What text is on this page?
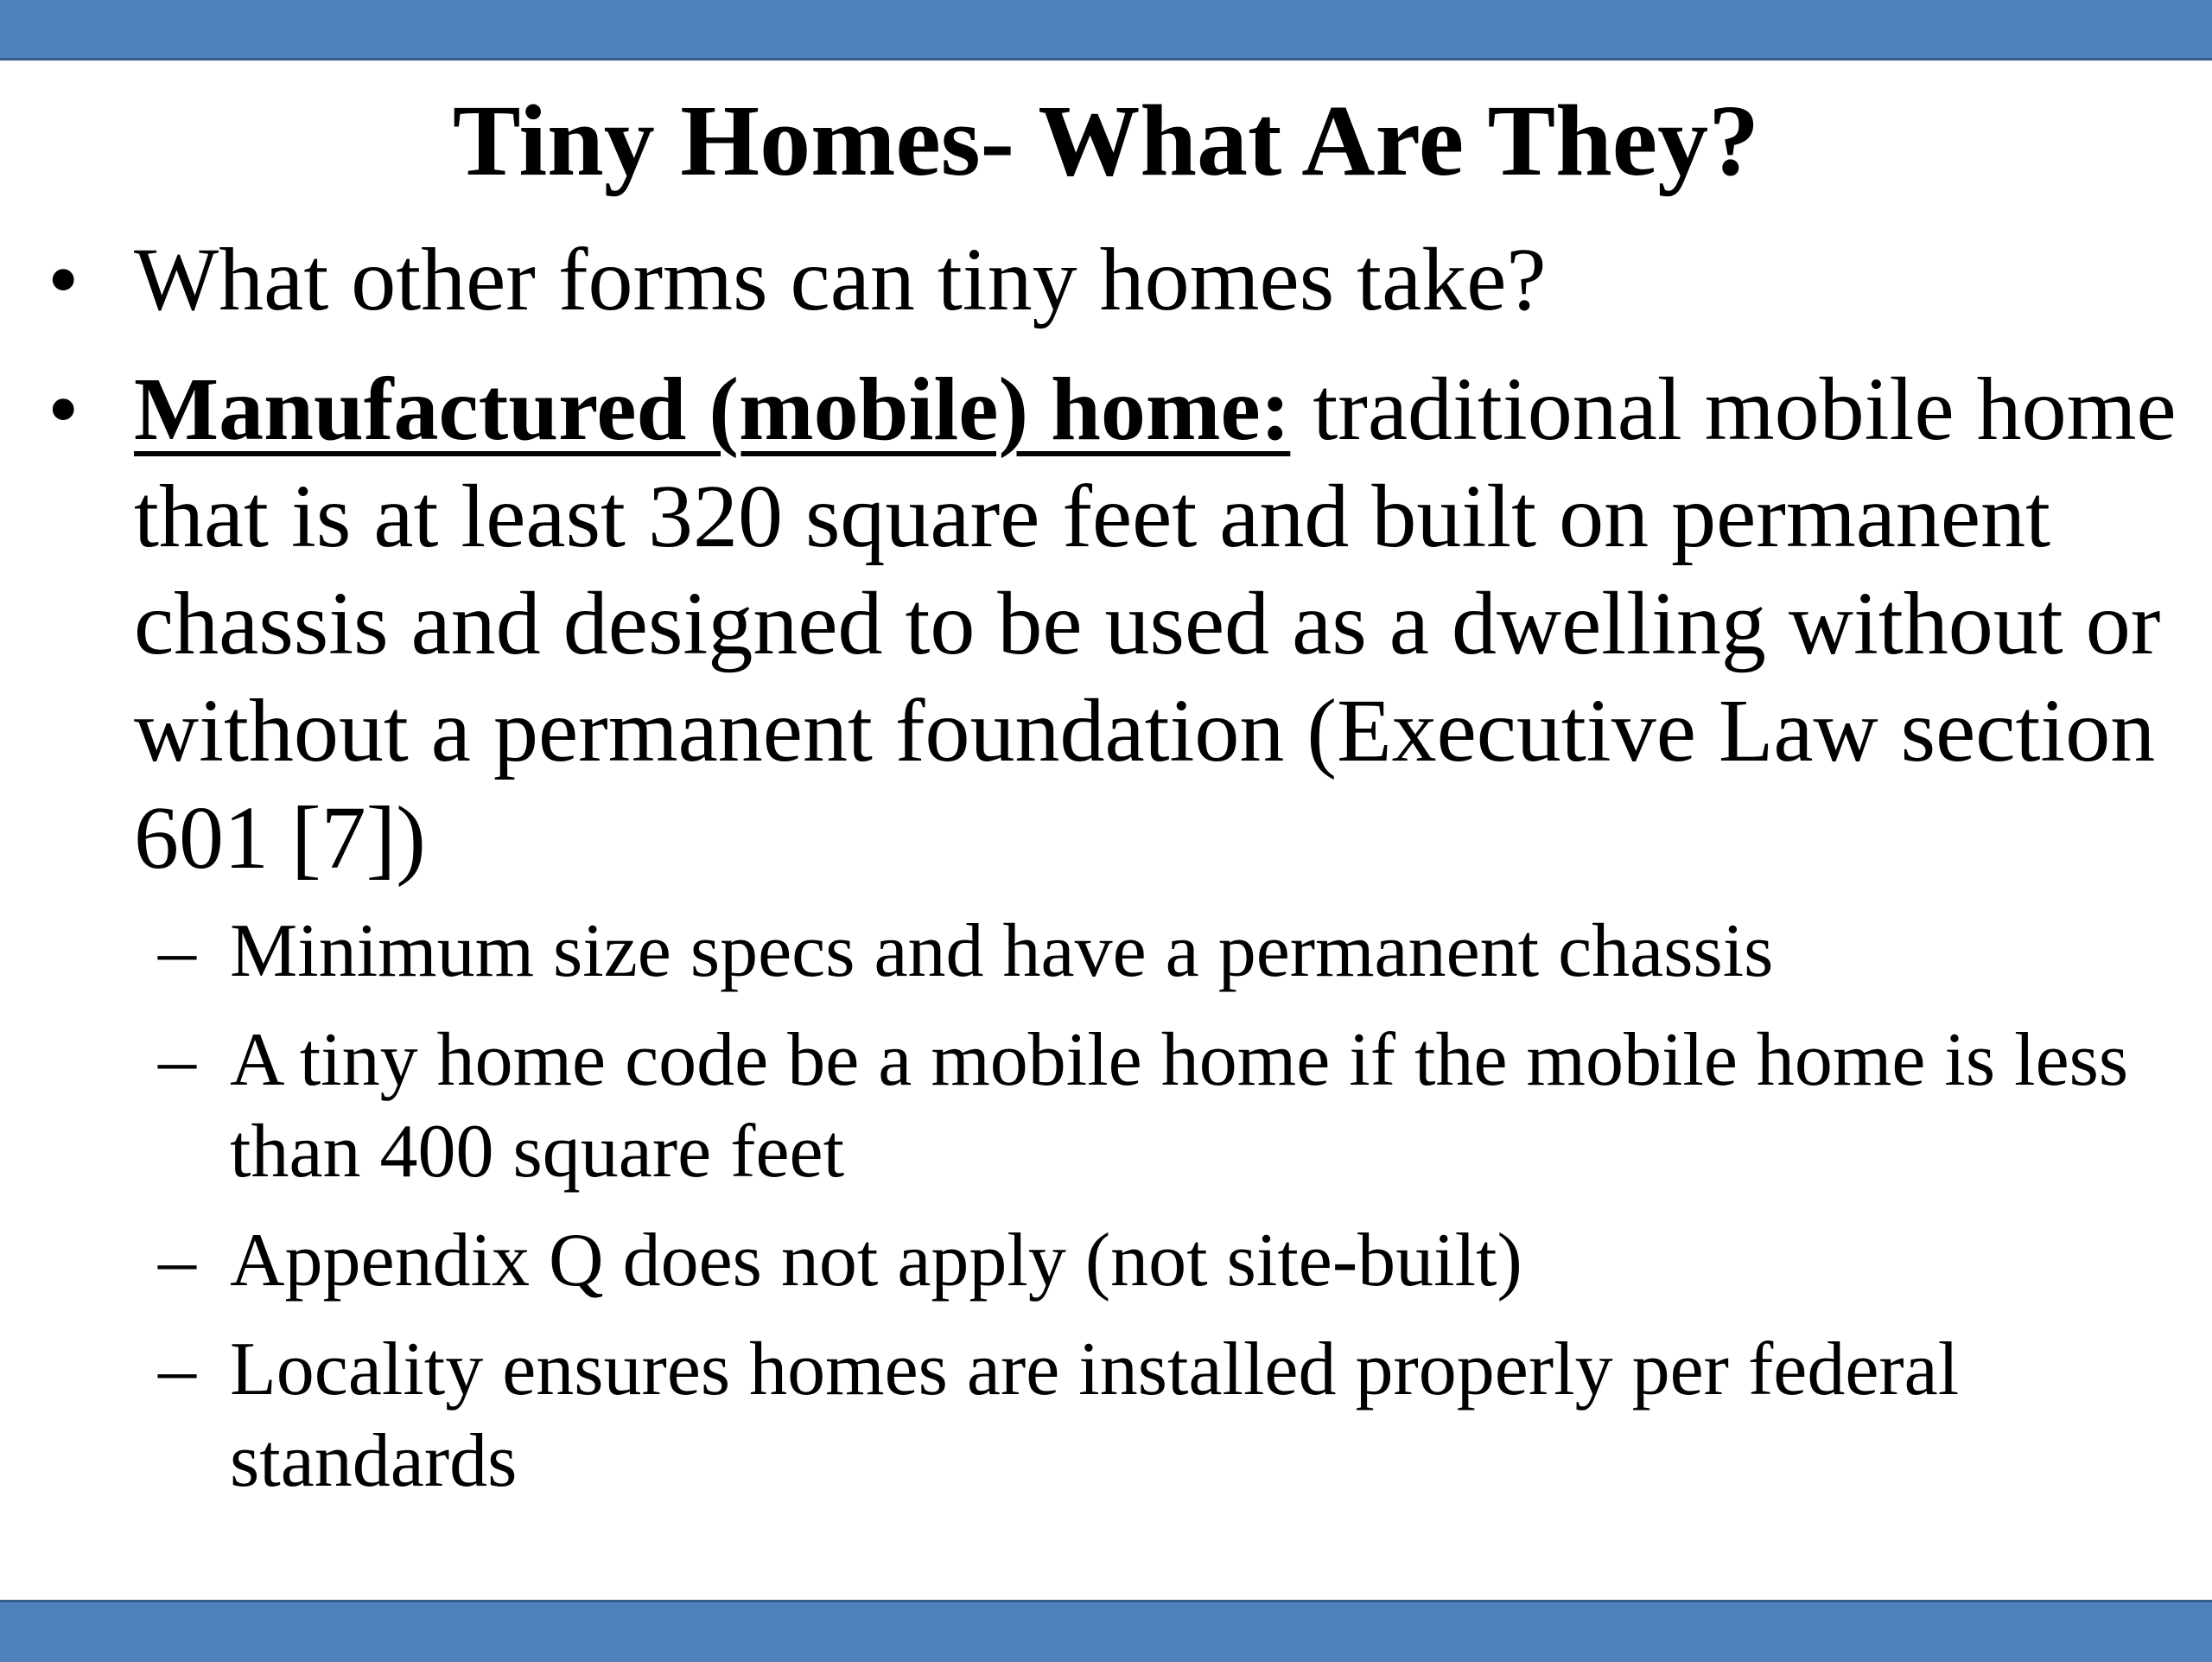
Tiny Homes- What Are They?
• What other forms can tiny homes take?
• Manufactured (mobile) home: traditional mobile home that is at least 320 square feet and built on permanent chassis and designed to be used as a dwelling without or without a permanent foundation (Executive Law section 601 [7])
– Minimum size specs and have a permanent chassis
– A tiny home code be a mobile home if the mobile home is less than 400 square feet
– Appendix Q does not apply (not site-built)
– Locality ensures homes are installed properly per federal standards
